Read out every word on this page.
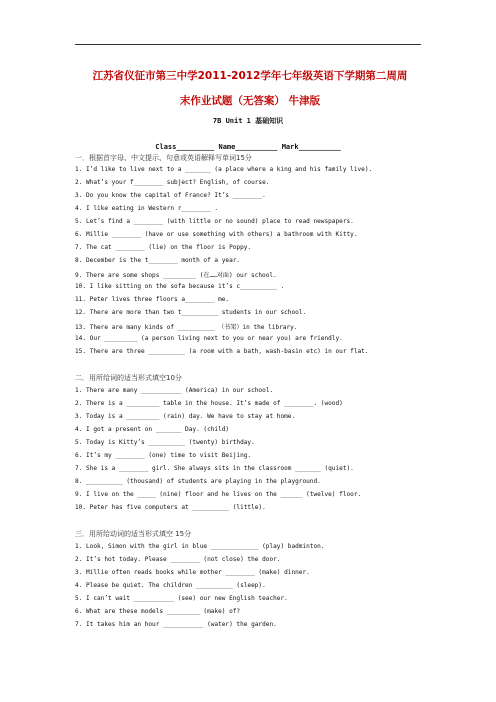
江苏省仪征市第三中学2011-2012学年七年级英语下学期第二周周
末作业试题（无答案） 牛津版
7B Unit 1 基础知识
Class_________ Name__________ Mark__________
一．根据首字母、中文提示、句意或英语解释写单词15分
1. I’d like to live next to a _______ (a place where a king and his family live).
2. What’s your f________ subject? English, of course.
3. Do you know the capital of France? It’s ________.
4. I like eating in Western r________ .
5. Let’s find a ________ (with little or no sound) place to read newspapers.
6. Millie ________ (have or use something with others) a bathroom with Kitty.
7. The cat ________ (lie) on the floor is Poppy.
8. December is the t________ month of a year.
9. There are some shops _________ (在……对面) our school.
10. I like sitting on the sofa because it’s c__________ .
11. Peter lives three floors a________ me.
12. There are more than two t__________ students in our school.
13. There are many kinds of __________ （书架）in the library.
14. Our _________ (a person living next to you or near you) are friendly.
15. There are three __________ (a room with a bath, wash-basin etc) in our flat.
二．用所给词的适当形式填空10分
1. There are many ___________ (America) in our school.
2. There is a _________ table in the house. It’s made of ________. (wood)
3. Today is a _________ (rain) day. We have to stay at home.
4. I got a present on _______ Day. (child)
5. Today is Kitty’s __________ (twenty) birthday.
6. It’s my ________ (one) time to visit Beijing.
7. She is a ________ girl. She always sits in the classroom _______ (quiet).
8. __________ (thousand) of students are playing in the playground.
9. I live on the _____ (nine) floor and he lives on the ______ (twelve) floor.
10. Peter has five computers at __________ (little).
三．用所给动词的适当形式填空 15分
1. Look, Simon with the girl in blue _____________ (play) badminton.
2. It’s hot today. Please ________ (not close) the door.
3. Millie often reads books while mother ________ (make) dinner.
4. Please be quiet. The children __________ (sleep).
5. I can’t wait ___________ (see) our new English teacher.
6. What are these models _________ (make) of?
7. It takes him an hour ___________ (water) the garden.
